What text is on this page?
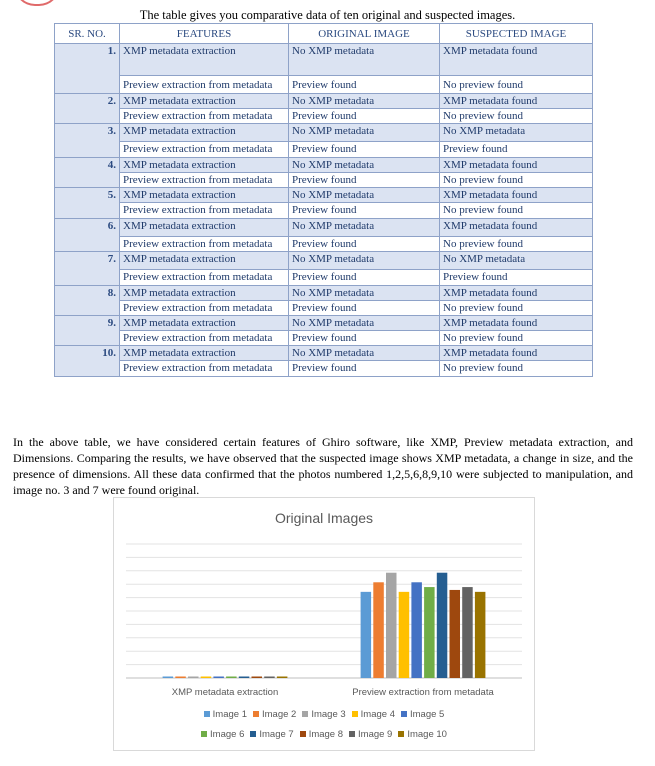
The table gives you comparative data of ten original and suspected images.
SR. NO.	FEATURES	ORIGINAL IMAGE	SUSPECTED IMAGE
1.	XMP metadata extraction	No XMP metadata	XMP metadata found
	Preview extraction from metadata	Preview found	No preview found
2.	XMP metadata extraction	No XMP metadata	XMP metadata found
	Preview extraction from metadata	Preview found	No preview found
3.	XMP metadata extraction	No XMP metadata	No XMP metadata
	Preview extraction from metadata	Preview found	Preview found
4.	XMP metadata extraction	No XMP metadata	XMP metadata found
	Preview extraction from metadata	Preview found	No preview found
5.	XMP metadata extraction	No XMP metadata	XMP metadata found
	Preview extraction from metadata	Preview found	No preview found
6.	XMP metadata extraction	No XMP metadata	XMP metadata found
	Preview extraction from metadata	Preview found	No preview found
7.	XMP metadata extraction	No XMP metadata	No XMP metadata
	Preview extraction from metadata	Preview found	Preview found
8.	XMP metadata extraction	No XMP metadata	XMP metadata found
	Preview extraction from metadata	Preview found	No preview found
9.	XMP metadata extraction	No XMP metadata	XMP metadata found
	Preview extraction from metadata	Preview found	No preview found
10.	XMP metadata extraction	No XMP metadata	XMP metadata found
	Preview extraction from metadata	Preview found	No preview found
In the above table, we have considered certain features of Ghiro software, like XMP, Preview metadata extraction, and Dimensions. Comparing the results, we have observed that the suspected image shows XMP metadata, a change in size, and the presence of dimensions. All these data confirmed that the photos numbered 1,2,5,6,8,9,10 were subjected to manipulation, and image no. 3 and 7 were found original.
Original Images
XMP metadata extraction	Preview extraction from metadata
Image 1 Image 2 Image 3 Image 4 Image 5
Image 6 Image 7 Image 8 Image 9 Image 10
